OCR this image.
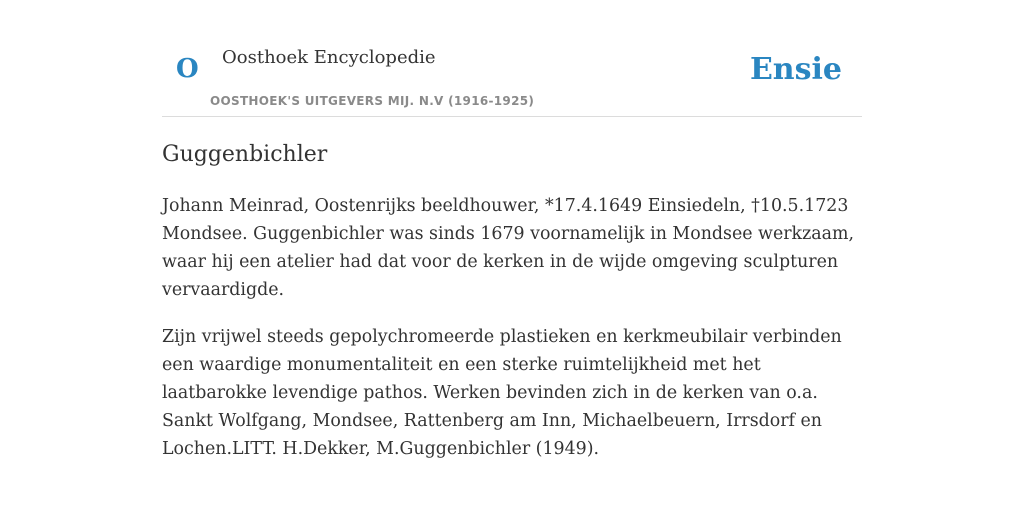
O Oosthoek Encyclopedie
OOSTHOEK'S UITGEVERS MIJ. N.V (1916-1925)
Ensie
Guggenbichler

Johann Meinrad, Oostenrijks beeldhouwer, *17.4.1649 Einsiedeln, †10.5.1723 Mondsee. Guggenbichler was sinds 1679 voornamelijk in Mondsee werkzaam, waar hij een atelier had dat voor de kerken in de wijde omgeving sculpturen vervaardigde.

Zijn vrijwel steeds gepolychromeerde plastieken en kerkmeubilair verbinden een waardige monumentaliteit en een sterke ruimtelijkheid met het laatbarokke levendige pathos. Werken bevinden zich in de kerken van o.a. Sankt Wolfgang, Mondsee, Rattenberg am Inn, Michaelbeuern, Irrsdorf en Lochen.LITT. H.Dekker, M.Guggenbichler (1949).
